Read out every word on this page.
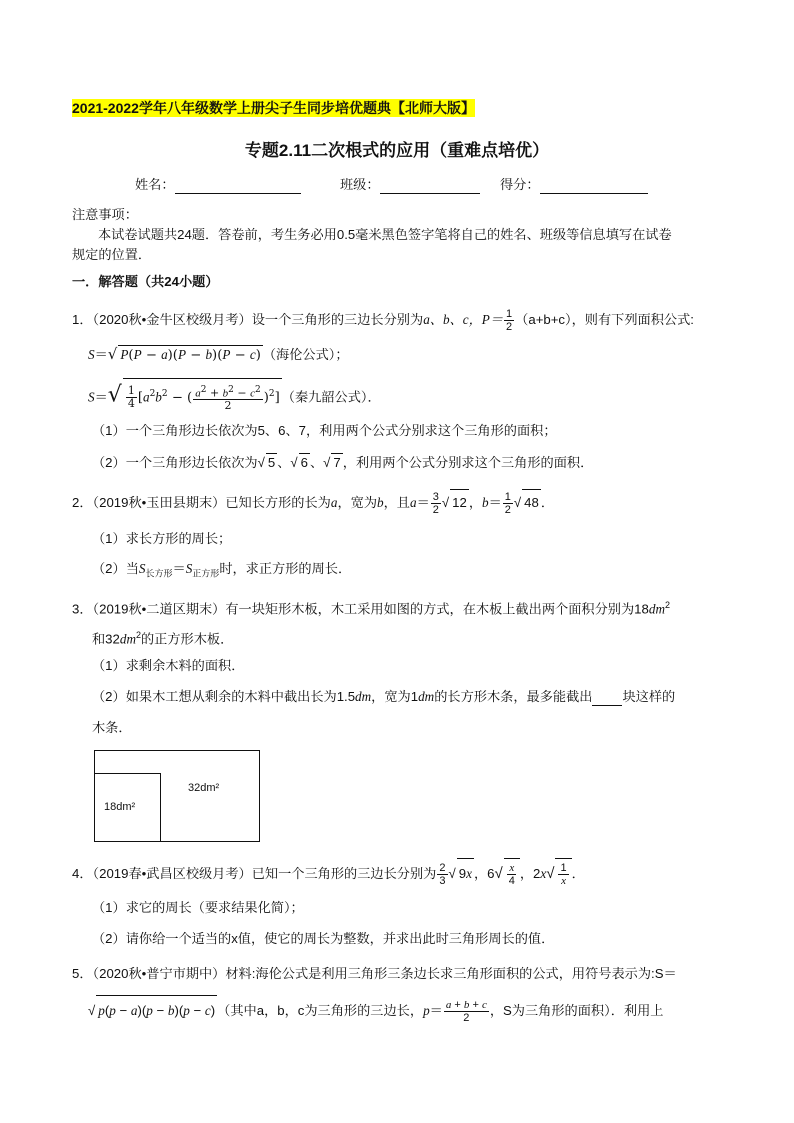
2021-2022学年八年级数学上册尖子生同步培优题典【北师大版】
专题2.11二次根式的应用（重难点培优）
姓名：	班级：	得分：
注意事项：
本试卷试题共24题．答卷前，考生务必用0.5毫米黑色签字笔将自己的姓名、班级等信息填写在试卷
规定的位置．
一．解答题（共24小题）
1．（2020秋•金牛区校级月考）设一个三角形的三边长分别为a、b、c，$P= \frac{1}{2} (a+b+c)$，则有下列面积公式:
S＝√ P(P − a)(P − b)(P − c) （海伦公式）；
$S=√ \frac{1}{4} [a^2b^2$ − ( $\frac{a^2 + b^2 - c^2}{2} )^2$] （秦九韶公式）．
（1）一个三角形边长依次为5、6、7，利用两个公式分别求这个三角形的面积；
（2）一个三角形边长依次为√ 5 、√ 6 、√ 7 ，利用两个公式分别求这个三角形的面积．
2．（2019秋•玉田县期末）已知长方形的长为a，宽为b，且$a= \frac{3}{2}$ √ 12 ，$b= \frac{1}{2}$ √ 48 ．
（1）求长方形的周长；
（2）当$S_{长方形}=S_{正方形}$时，求正方形的周长．
3．（2019秋•二道区期末）有一块矩形木板，木工采用如图的方式，在木板上截出两个面积分别为$18dm^2$
和$32dm^2$的正方形木板．
（1）求剩余木料的面积．
（2）如果木工想从剩余的木料中截出长为1.5dm，宽为1dm的长方形木条，最多能截出 块这样的
木条．
18dm²
32dm²
4．（2019春•武昌区校级月考）已知一个三角形的三边长分别为 $\frac{2}{3}$ √ 9x ，$6√ \frac{x}{4}$ ，$2x√ \frac{1}{x}$ ．
（1）求它的周长（要求结果化简）；
（2）请你给一个适当的x值，使它的周长为整数，并求出此时三角形周长的值．
5．（2020秋•普宁市期中）材料:海伦公式是利用三角形三条边长求三角形面积的公式，用符号表示为:S＝
√ p(p − a)(p − b)(p − c) （其中a，b，c为三角形的三边长，$p= \frac{a + b + c}{2}$ ，S为三角形的面积）．利用上
